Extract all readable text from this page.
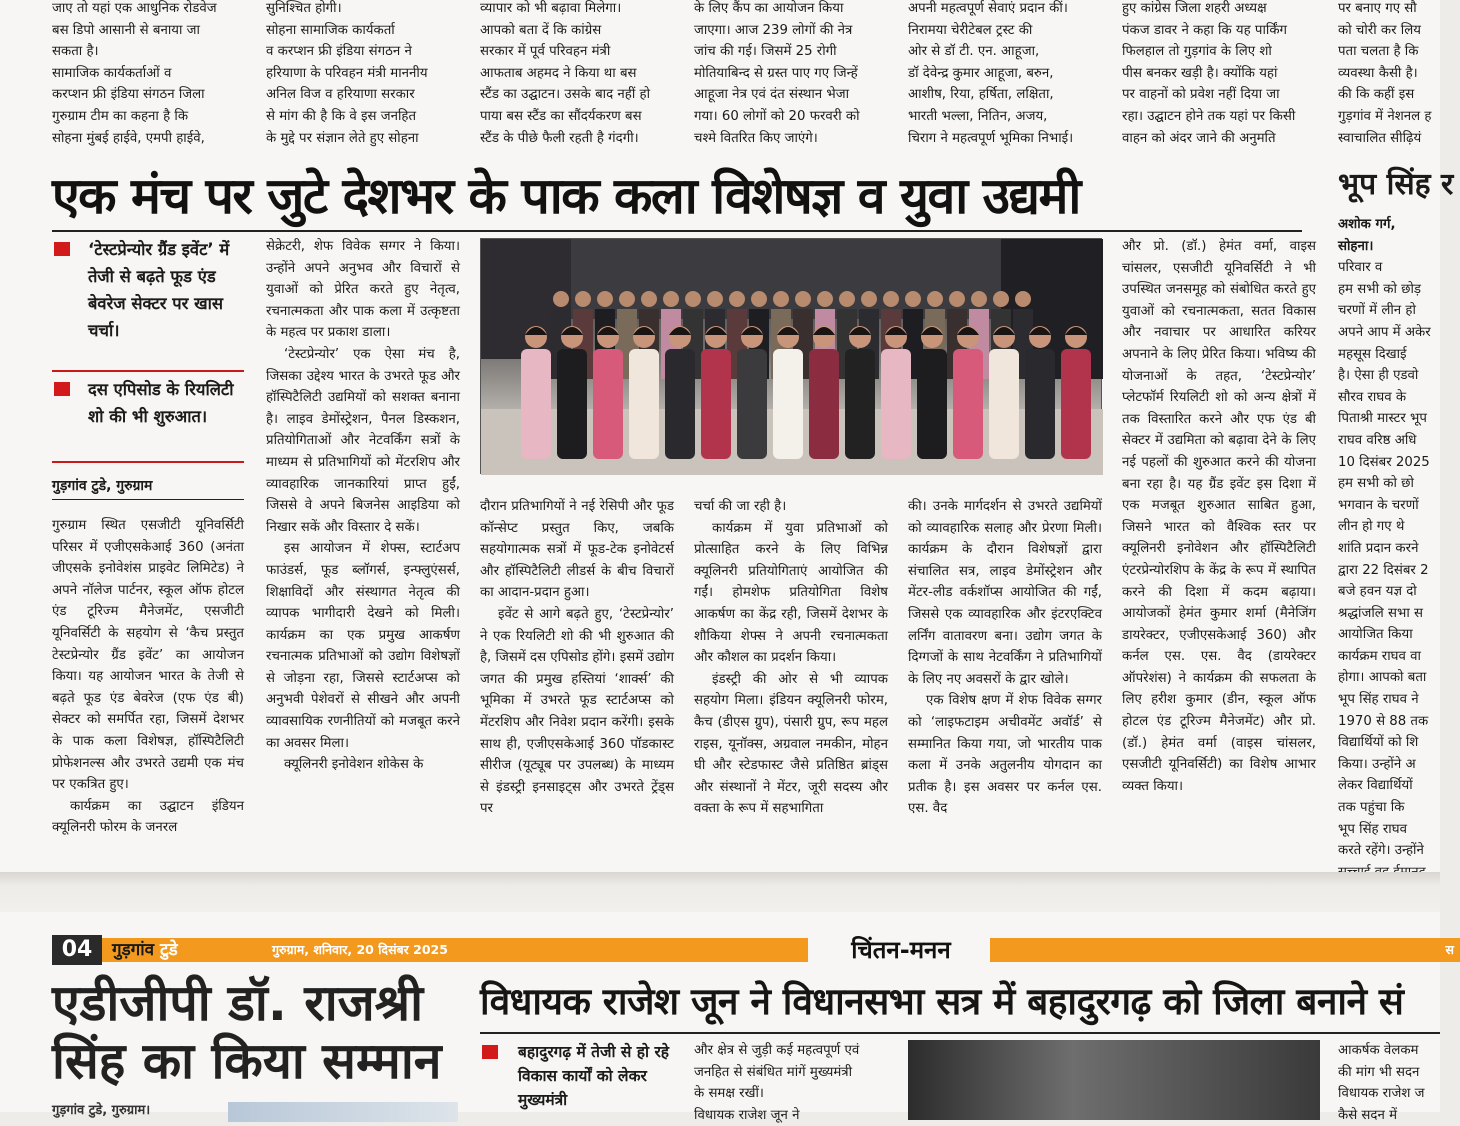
जाए तो यहां एक आधुनिक रोडवेज
बस डिपो आसानी से बनाया जा
सकता है।
सामाजिक कार्यकर्ताओं व
करप्शन फ्री इंडिया संगठन जिला
गुरुग्राम टीम का कहना है कि
सोहना मुंबई हाईवे, एमपी हाईवे,
सुनिश्चित होगी।
सोहना सामाजिक कार्यकर्ता
व करप्शन फ्री इंडिया संगठन ने
हरियाणा के परिवहन मंत्री माननीय
अनिल विज व हरियाणा सरकार
से मांग की है कि वे इस जनहित
के मुद्दे पर संज्ञान लेते हुए सोहना
व्यापार को भी बढ़ावा मिलेगा।
आपको बता दें कि कांग्रेस
सरकार में पूर्व परिवहन मंत्री
आफताब अहमद ने किया था बस
स्टैंड का उद्घाटन। उसके बाद नहीं हो
पाया बस स्टैंड का सौंदर्यकरण बस
स्टैंड के पीछे फैली रहती है गंदगी।
के लिए कैंप का आयोजन किया
जाएगा। आज 239 लोगों की नेत्र
जांच की गई। जिसमें 25 रोगी
मोतियाबिन्द से ग्रस्त पाए गए जिन्हें
आहूजा नेत्र एवं दंत संस्थान भेजा
गया। 60 लोगों को 20 फरवरी को
चश्मे वितरित किए जाएंगे।
अपनी महत्वपूर्ण सेवाएं प्रदान कीं।
निरामया चेरीटेबल ट्रस्ट की
ओर से डॉ टी. एन. आहूजा,
डॉ देवेन्द्र कुमार आहूजा, बरुन,
आशीष, रिया, हर्षिता, लक्षिता,
भारती भल्ला, नितिन, अजय,
चिराग ने महत्वपूर्ण भूमिका निभाई।
हुए कांग्रेस जिला शहरी अध्यक्ष
पंकज डावर ने कहा कि यह पार्किंग
फिलहाल तो गुड़गांव के लिए शो
पीस बनकर खड़ी है। क्योंकि यहां
पर वाहनों को प्रवेश नहीं दिया जा
रहा। उद्घाटन होने तक यहां पर किसी
वाहन को अंदर जाने की अनुमति
पर बनाए गए सौ
को चोरी कर लिय
पता चलता है कि
व्यवस्था कैसी है।
की कि कहीं इस
गुड़गांव में नेशनल ह
स्वाचालित सीढ़ियं
एक मंच पर जुटे देशभर के पाक कला विशेषज्ञ व युवा उद्यमी	भूप सिंह र
‘टेस्टप्रेन्योर ग्रैंड इवेंट’ में तेजी से बढ़ते फूड एंड बेवरेज सेक्टर पर खास चर्चा।
दस एपिसोड के रियलिटी शो की भी शुरुआत।
गुड़गांव टुडे, गुरुग्राम

गुरुग्राम स्थित एसजीटी यूनिवर्सिटी परिसर में एजीएसकेआई 360 (अनंता जीएसके इनोवेशंस प्राइवेट लिमिटेड) ने अपने नॉलेज पार्टनर, स्कूल ऑफ होटल एंड टूरिज्म मैनेजमेंट, एसजीटी यूनिवर्सिटी के सहयोग से ‘कैच प्रस्तुत टेस्टप्रेन्योर ग्रैंड इवेंट’ का आयोजन किया। यह आयोजन भारत के तेजी से बढ़ते फूड एंड बेवरेज (एफ एंड बी) सेक्टर को समर्पित रहा, जिसमें देशभर के पाक कला विशेषज्ञ, हॉस्पिटैलिटी प्रोफेशनल्स और उभरते उद्यमी एक मंच पर एकत्रित हुए।

कार्यक्रम का उद्घाटन इंडियन क्यूलिनरी फोरम के जनरल

सेक्रेटरी, शेफ विवेक सग्गर ने किया। उन्होंने अपने अनुभव और विचारों से युवाओं को प्रेरित करते हुए नेतृत्व, रचनात्मकता और पाक कला में उत्कृष्टता के महत्व पर प्रकाश डाला।

‘टेस्टप्रेन्योर’ एक ऐसा मंच है, जिसका उद्देश्य भारत के उभरते फूड और हॉस्पिटैलिटी उद्यमियों को सशक्त बनाना है। लाइव डेमोंस्ट्रेशन, पैनल डिस्कशन, प्रतियोगिताओं और नेटवर्किंग सत्रों के माध्यम से प्रतिभागियों को मेंटरशिप और व्यावहारिक जानकारियां प्राप्त हुईं, जिससे वे अपने बिजनेस आइडिया को निखार सकें और विस्तार दे सकें।

इस आयोजन में शेफ्स, स्टार्टअप फाउंडर्स, फूड ब्लॉगर्स, इन्फ्लुएंसर्स, शिक्षाविदों और संस्थागत नेतृत्व की व्यापक भागीदारी देखने को मिली। कार्यक्रम का एक प्रमुख आकर्षण रचनात्मक प्रतिभाओं को उद्योग विशेषज्ञों से जोड़ना रहा, जिससे स्टार्टअप्स को अनुभवी पेशेवरों से सीखने और अपनी व्यावसायिक रणनीतियों को मजबूत करने का अवसर मिला।

क्यूलिनरी इनोवेशन शोकेस के

दौरान प्रतिभागियों ने नई रेसिपी और फूड कॉन्सेप्ट प्रस्तुत किए, जबकि सहयोगात्मक सत्रों में फूड-टेक इनोवेटर्स और हॉस्पिटैलिटी लीडर्स के बीच विचारों का आदान-प्रदान हुआ।

इवेंट से आगे बढ़ते हुए, ‘टेस्टप्रेन्योर’ ने एक रियलिटी शो की भी शुरुआत की है, जिसमें दस एपिसोड होंगे। इसमें उद्योग जगत की प्रमुख हस्तियां ‘शार्क्स’ की भूमिका में उभरते फूड स्टार्टअप्स को मेंटरशिप और निवेश प्रदान करेंगी। इसके साथ ही, एजीएसकेआई 360 पॉडकास्ट सीरीज (यूट्यूब पर उपलब्ध) के माध्यम से इंडस्ट्री इनसाइट्स और उभरते ट्रेंड्स पर

चर्चा की जा रही है।

कार्यक्रम में युवा प्रतिभाओं को प्रोत्साहित करने के लिए विभिन्न क्यूलिनरी प्रतियोगिताएं आयोजित की गईं। होमशेफ प्रतियोगिता विशेष आकर्षण का केंद्र रही, जिसमें देशभर के शौकिया शेफ्स ने अपनी रचनात्मकता और कौशल का प्रदर्शन किया।

इंडस्ट्री की ओर से भी व्यापक सहयोग मिला। इंडियन क्यूलिनरी फोरम, कैच (डीएस ग्रुप), पंसारी ग्रुप, रूप महल राइस, यूनॉक्स, अग्रवाल नमकीन, मोहन घी और स्टेडफास्ट जैसे प्रतिष्ठित ब्रांड्स और संस्थानों ने मेंटर, जूरी सदस्य और वक्ता के रूप में सहभागिता

की। उनके मार्गदर्शन से उभरते उद्यमियों को व्यावहारिक सलाह और प्रेरणा मिली। कार्यक्रम के दौरान विशेषज्ञों द्वारा संचालित सत्र, लाइव डेमोंस्ट्रेशन और मेंटर-लीड वर्कशॉप्स आयोजित की गईं, जिससे एक व्यावहारिक और इंटरएक्टिव लर्निंग वातावरण बना। उद्योग जगत के दिग्गजों के साथ नेटवर्किंग ने प्रतिभागियों के लिए नए अवसरों के द्वार खोले।

एक विशेष क्षण में शेफ विवेक सग्गर को ‘लाइफटाइम अचीवमेंट अवॉर्ड’ से सम्मानित किया गया, जो भारतीय पाक कला में उनके अतुलनीय योगदान का प्रतीक है। इस अवसर पर कर्नल एस. एस. वैद

और प्रो. (डॉ.) हेमंत वर्मा, वाइस चांसलर, एसजीटी यूनिवर्सिटी ने भी उपस्थित जनसमूह को संबोधित करते हुए युवाओं को रचनात्मकता, सतत विकास और नवाचार पर आधारित करियर अपनाने के लिए प्रेरित किया। भविष्य की योजनाओं के तहत, ‘टेस्टप्रेन्योर’ प्लेटफॉर्म रियलिटी शो को अन्य क्षेत्रों में तक विस्तारित करने और एफ एंड बी सेक्टर में उद्यमिता को बढ़ावा देने के लिए नई पहलों की शुरुआत करने की योजना बना रहा है। यह ग्रैंड इवेंट इस दिशा में एक मजबूत शुरुआत साबित हुआ, जिसने भारत को वैश्विक स्तर पर क्यूलिनरी इनोवेशन और हॉस्पिटैलिटी एंटरप्रेन्योरशिप के केंद्र के रूप में स्थापित करने की दिशा में कदम बढ़ाया। आयोजकों हेमंत कुमार शर्मा (मैनेजिंग डायरेक्टर, एजीएसकेआई 360) और कर्नल एस. एस. वैद (डायरेक्टर ऑपरेशंस) ने कार्यक्रम की सफलता के लिए हरीश कुमार (डीन, स्कूल ऑफ होटल एंड टूरिज्म मैनेजमेंट) और प्रो. (डॉ.) हेमंत वर्मा (वाइस चांसलर, एसजीटी यूनिवर्सिटी) का विशेष आभार व्यक्त किया।

अशोक गर्ग,
सोहना।
परिवार व
हम सभी को छोड़
चरणों में लीन हो
अपने आप में अकेर
महसूस दिखाई
है। ऐसा ही एडवो
सौरव राघव के
पिताश्री मास्टर भूप
राघव वरिष्ठ अधि
10 दिसंबर 2025
हम सभी को छो
भगवान के चरणों
लीन हो गए थे
शांति प्रदान करने
द्वारा 22 दिसंबर 2
बजे हवन यज्ञ दो
श्रद्धांजलि सभा स
आयोजित किया
कार्यक्रम राघव वा
होगा। आपको बता
भूप सिंह राघव ने
1970 से 88 तक
विद्यार्थियों को शि
किया। उन्होंने अ
लेकर विद्यार्थियों
तक पहुंचा कि
भूप सिंह राघव
करते रहेंगे। उन्होंने
04	गुड़गांव टुडे	गुरुग्राम, शनिवार, 20 दिसंबर 2025	चिंतन-मनन	स
एडीजीपी डॉ. राजश्री सिंह का किया सम्मान
गुड़गांव टुडे, गुरुग्राम।
विधायक राजेश जून ने विधानसभा सत्र में बहादुरगढ़ को जिला बनाने सं
बहादुरगढ़ में तेजी से हो रहे विकास कार्यों को लेकर मुख्यमंत्री
और क्षेत्र से जुड़ी कई महत्वपूर्ण एवं
जनहित से संबंधित मांगें मुख्यमंत्री
के समक्ष रखीं।
विधायक राजेश जून ने
आकर्षक वेलकम
की मांग भी सदन
विधायक राजेश ज
कैसे सदन में
